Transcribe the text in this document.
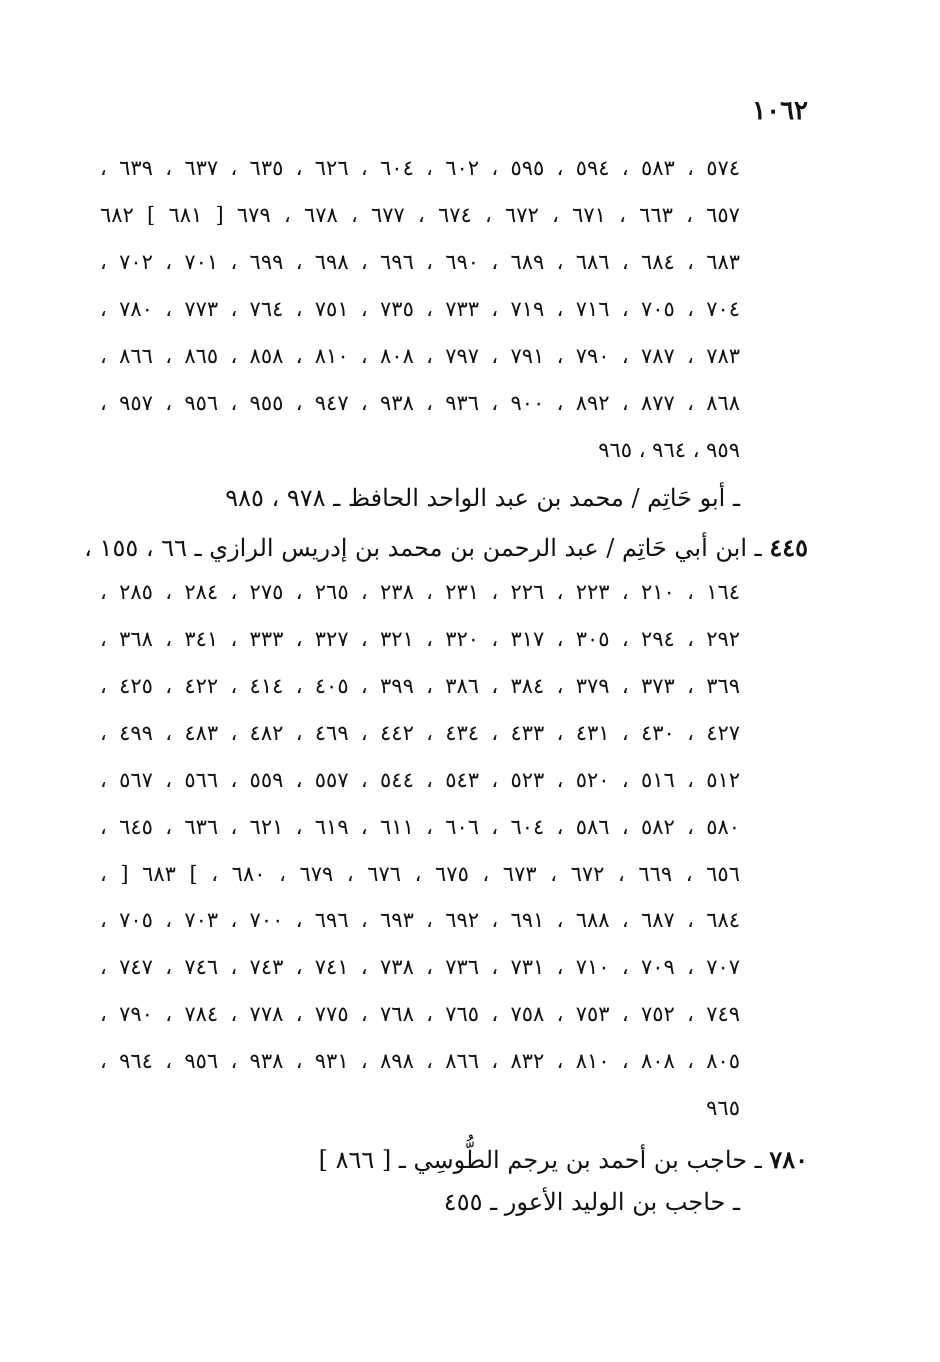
١٠٦٢
٥٧٤ ، ٥٨٣ ، ٥٩٤ ، ٥٩٥ ، ٦٠٢ ، ٦٠٤ ، ٦٢٦ ، ٦٣٥ ، ٦٣٧ ، ٦٣٩ ،
٦٥٧ ، ٦٦٣ ، ٦٧١ ، ٦٧٢ ، ٦٧٤ ، ٦٧٧ ، ٦٧٨ ، ٦٧٩ [ ٦٨١ ] ٦٨٢
٦٨٣ ، ٦٨٤ ، ٦٨٦ ، ٦٨٩ ، ٦٩٠ ، ٦٩٦ ، ٦٩٨ ، ٦٩٩ ، ٧٠١ ، ٧٠٢ ،
٧٠٤ ، ٧٠٥ ، ٧١٦ ، ٧١٩ ، ٧٣٣ ، ٧٣٥ ، ٧٥١ ، ٧٦٤ ، ٧٧٣ ، ٧٨٠ ،
٧٨٣ ، ٧٨٧ ، ٧٩٠ ، ٧٩١ ، ٧٩٧ ، ٨٠٨ ، ٨١٠ ، ٨٥٨ ، ٨٦٥ ، ٨٦٦ ،
٨٦٨ ، ٨٧٧ ، ٨٩٢ ، ٩٠٠ ، ٩٣٦ ، ٩٣٨ ، ٩٤٧ ، ٩٥٥ ، ٩٥٦ ، ٩٥٧ ،
٩٥٩ ، ٩٦٤ ، ٩٦٥
ـ أبو حَاتِم / محمد بن عبد الواحد الحافظ ـ ٩٧٨ ، ٩٨٥
٤٤٥ ـ ابن أبي حَاتِم / عبد الرحمن بن محمد بن إدريس الرازي ـ ٦٦ ، ١٥٥ ،
١٦٤ ، ٢١٠ ، ٢٢٣ ، ٢٢٦ ، ٢٣١ ، ٢٣٨ ، ٢٦٥ ، ٢٧٥ ، ٢٨٤ ، ٢٨٥ ،
٢٩٢ ، ٢٩٤ ، ٣٠٥ ، ٣١٧ ، ٣٢٠ ، ٣٢١ ، ٣٢٧ ، ٣٣٣ ، ٣٤١ ، ٣٦٨ ،
٣٦٩ ، ٣٧٣ ، ٣٧٩ ، ٣٨٤ ، ٣٨٦ ، ٣٩٩ ، ٤٠٥ ، ٤١٤ ، ٤٢٢ ، ٤٢٥ ،
٤٢٧ ، ٤٣٠ ، ٤٣١ ، ٤٣٣ ، ٤٣٤ ، ٤٤٢ ، ٤٦٩ ، ٤٨٢ ، ٤٨٣ ، ٤٩٩ ،
٥١٢ ، ٥١٦ ، ٥٢٠ ، ٥٢٣ ، ٥٤٣ ، ٥٤٤ ، ٥٥٧ ، ٥٥٩ ، ٥٦٦ ، ٥٦٧ ،
٥٨٠ ، ٥٨٢ ، ٥٨٦ ، ٦٠٤ ، ٦٠٦ ، ٦١١ ، ٦١٩ ، ٦٢١ ، ٦٣٦ ، ٦٤٥ ،
٦٥٦ ، ٦٦٩ ، ٦٧٢ ، ٦٧٣ ، ٦٧٥ ، ٦٧٦ ، ٦٧٩ ، ٦٨٠ ، ] ٦٨٣ [ ،
٦٨٤ ، ٦٨٧ ، ٦٨٨ ، ٦٩١ ، ٦٩٢ ، ٦٩٣ ، ٦٩٦ ، ٧٠٠ ، ٧٠٣ ، ٧٠٥ ،
٧٠٧ ، ٧٠٩ ، ٧١٠ ، ٧٣١ ، ٧٣٦ ، ٧٣٨ ، ٧٤١ ، ٧٤٣ ، ٧٤٦ ، ٧٤٧ ،
٧٤٩ ، ٧٥٢ ، ٧٥٣ ، ٧٥٨ ، ٧٦٥ ، ٧٦٨ ، ٧٧٥ ، ٧٧٨ ، ٧٨٤ ، ٧٩٠ ،
٨٠٥ ، ٨٠٨ ، ٨١٠ ، ٨٣٢ ، ٨٦٦ ، ٨٩٨ ، ٩٣١ ، ٩٣٨ ، ٩٥٦ ، ٩٦٤ ،
٩٦٥
٧٨٠ ـ حاجب بن أحمد بن يرجم الطُّوسِي ـ [ ٨٦٦ ]
ـ حاجب بن الوليد الأعور ـ ٤٥٥
